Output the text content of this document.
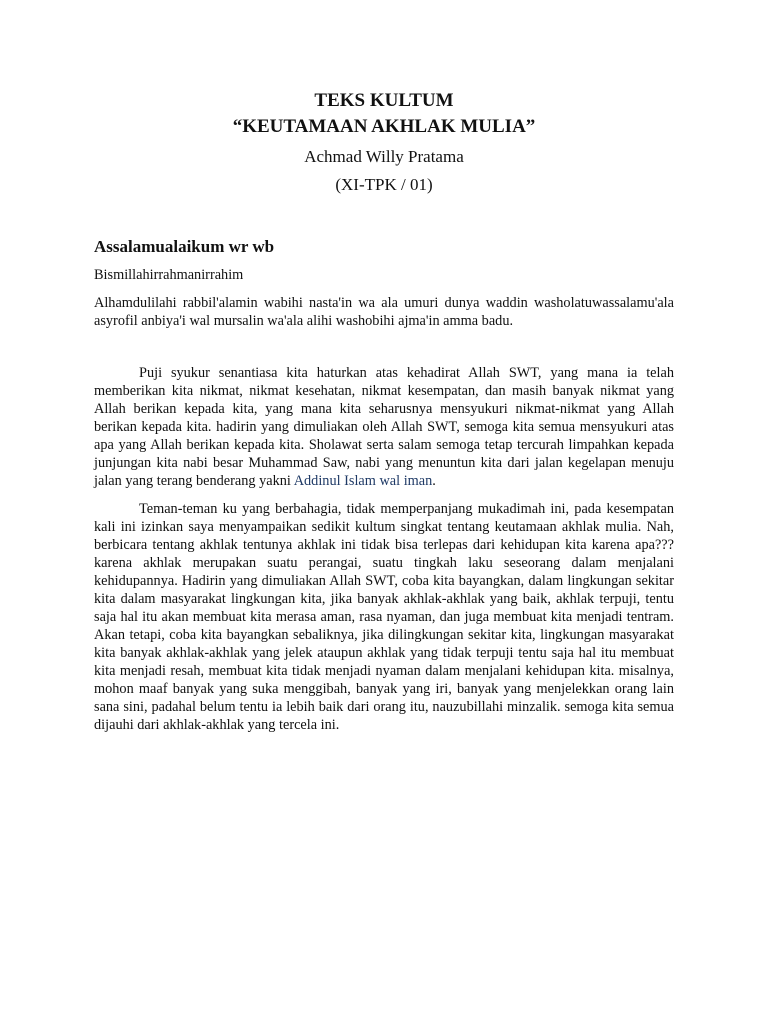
TEKS KULTUM

“KEUTAMAAN AKHLAK MULIA”

Achmad Willy Pratama

(XI-TPK / 01)

Assalamualaikum wr wb

Bismillahirrahmanirrahim

Alhamdulilahi rabbil'alamin wabihi nasta'in wa ala umuri dunya waddin washolatuwassalamu'ala asyrofil anbiya'i wal mursalin wa'ala alihi washobihi ajma'in amma badu.

Puji syukur senantiasa kita haturkan atas kehadirat Allah SWT, yang mana ia telah memberikan kita nikmat, nikmat kesehatan, nikmat kesempatan, dan masih banyak nikmat yang Allah berikan kepada kita, yang mana kita seharusnya mensyukuri nikmat-nikmat yang Allah berikan kepada kita. hadirin yang dimuliakan oleh Allah SWT, semoga kita semua mensyukuri atas apa yang Allah berikan kepada kita. Sholawat serta salam semoga tetap tercurah limpahkan kepada junjungan kita nabi besar Muhammad Saw, nabi yang menuntun kita dari jalan kegelapan menuju jalan yang terang benderang yakni Addinul Islam wal iman.

Teman-teman ku yang berbahagia, tidak memperpanjang mukadimah ini, pada kesempatan kali ini izinkan saya menyampaikan sedikit kultum singkat tentang keutamaan akhlak mulia. Nah, berbicara tentang akhlak tentunya akhlak ini tidak bisa terlepas dari kehidupan kita karena apa??? karena akhlak merupakan suatu perangai, suatu tingkah laku seseorang dalam menjalani kehidupannya. Hadirin yang dimuliakan Allah SWT, coba kita bayangkan, dalam lingkungan sekitar kita dalam masyarakat lingkungan kita, jika banyak akhlak-akhlak yang baik, akhlak terpuji, tentu saja hal itu akan membuat kita merasa aman, rasa nyaman, dan juga membuat kita menjadi tentram. Akan tetapi, coba kita bayangkan sebaliknya, jika dilingkungan sekitar kita, lingkungan masyarakat kita banyak akhlak-akhlak yang jelek ataupun akhlak yang tidak terpuji tentu saja hal itu membuat kita menjadi resah, membuat kita tidak menjadi nyaman dalam menjalani kehidupan kita. misalnya, mohon maaf banyak yang suka menggibah, banyak yang iri, banyak yang menjelekkan orang lain sana sini, padahal belum tentu ia lebih baik dari orang itu, nauzubillahi minzalik. semoga kita semua dijauhi dari akhlak-akhlak yang tercela ini.
